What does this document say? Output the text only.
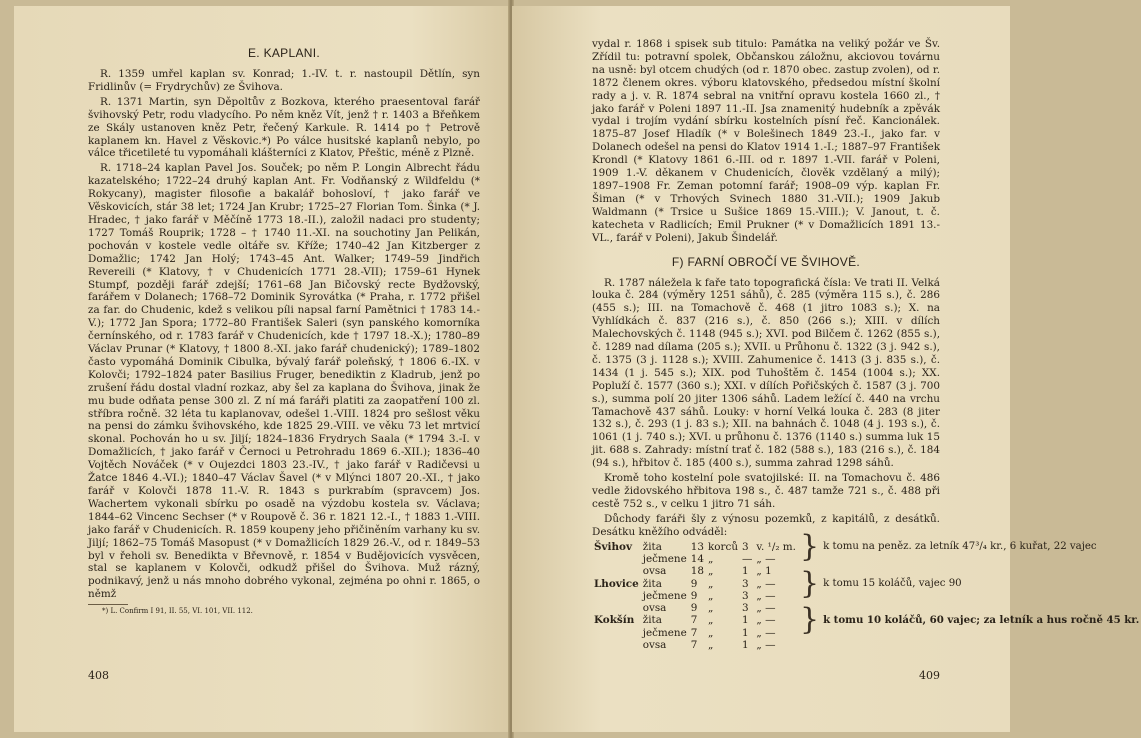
E. KAPLANI.

R. 1359 umřel kaplan sv. Konrad; 1.-IV. t. r. nastoupil Dětlín, syn Fridlinův (= Frydrychův) ze Švihova.

R. 1371 Martin, syn Děpoltův z Bozkova, kterého praesentoval farář švihovský Petr, rodu vladycího. Po něm kněz Vít, jenž † r. 1403 a Břeňkem ze Skály ustanoven kněz Petr, řečený Karkule. R. 1414 po † Petrově kaplanem kn. Havel z Věskovic.*) Po válce husitské kaplanů nebylo, po válce třicetileté tu vypomáhali klášterníci z Klatov, Přeštic, méně z Plzně.

R. 1718–24 kaplan Pavel Jos. Souček; po něm P. Longin Albrecht řádu kazatelského; 1722–24 druhý kaplan Ant. Fr. Vodňanský z Wildfeldu (* Rokycany), magister filosofie a bakalář bohosloví, † jako farář ve Věskovicích, stár 38 let; 1724 Jan Krubr; 1725–27 Florian Tom. Šinka (* J. Hradec, † jako farář v Měčíně 1773 18.-II.), založil nadaci pro studenty; 1727 Tomáš Rouprik; 1728 – † 1740 11.-XI. na souchotiny Jan Pelikán, pochován v kostele vedle oltáře sv. Kříže; 1740–42 Jan Kitzberger z Domažlic; 1742 Jan Holý; 1743–45 Ant. Walker; 1749–59 Jindřich Revereili (* Klatovy, † v Chudenicích 1771 28.-VII); 1759–61 Hynek Stumpf, později farář zdejší; 1761–68 Jan Bičovský recte Bydžovský, farářem v Dolanech; 1768–72 Dominik Syrovátka (* Praha, r. 1772 přišel za far. do Chudenic, kdež s velikou píli napsal farní Pamětnici † 1783 14.-V.); 1772 Jan Spora; 1772–80 František Saleri (syn panského komorníka černínského, od r. 1783 farář v Chudenicích, kde † 1797 18.-X.); 1780–89 Václav Prunar (* Klatovy, † 1800 8.-XI. jako farář chudenický); 1789–1802 často vypomáhá Dominik Cibulka, bývalý farář poleňský, † 1806 6.-IX. v Kolovči; 1792–1824 pater Basilius Fruger, benediktin z Kladrub, jenž po zrušení řádu dostal vladní rozkaz, aby šel za kaplana do Švihova, jinak že mu bude odňata pense 300 zl. Z ní má faráři platiti za zaopatření 100 zl. stříbra ročně. 32 léta tu kaplanovav, odešel 1.-VIII. 1824 pro sešlost věku na pensi do zámku švihovského, kde 1825 29.-VIII. ve věku 73 let mrtvicí skonal. Pochován ho u sv. Jiljí; 1824–1836 Frydrych Saala (* 1794 3.-I. v Domažlicích, † jako farář v Černoci u Petrohradu 1869 6.-XII.); 1836–40 Vojtěch Nováček (* v Oujezdci 1803 23.-IV., † jako farář v Radičevsi u Žatce 1846 4.-VI.); 1840–47 Václav Šavel (* v Mlýnci 1807 20.-XI., † jako farář v Kolovči 1878 11.-V. R. 1843 s purkrabím (spravcem) Jos. Wachertem vykonali sbírku po osadě na výzdobu kostela sv. Václava; 1844–62 Vincenc Sechser (* v Roupově č. 36 r. 1821 12.-I., † 1883 1.-VIII. jako farář v Chudenicích. R. 1859 koupeny jeho přičiněním varhany ku sv. Jiljí; 1862–75 Tomáš Masopust (* v Domažlicích 1829 26.-V., od r. 1849–53 byl v řeholi sv. Benedikta v Břevnově, r. 1854 v Budějovicích vysvěcen, stal se kaplanem v Kolovči, odkudž přišel do Švihova. Muž rázný, podnikavý, jenž u nás mnoho dobrého vykonal, zejména po ohni r. 1865, o němž

*) L. Confirm I 91, II. 55, VI. 101, VII. 112.
408

vydal r. 1868 i spisek sub titulo: Památka na veliký požár ve Šv. Zřídil tu: potravní spolek, Občanskou záložnu, akciovou továrnu na usně: byl otcem chudých (od r. 1870 obec. zastup zvolen), od r. 1872 členem okres. výboru klatovského, předsedou místní školní rady a j. v. R. 1874 sebral na vnitřní opravu kostela 1660 zl., † jako farář v Poleni 1897 11.-II. Jsa znamenitý hudebník a zpěvák vydal i trojím vydání sbírku kostelních písní řeč. Kancionálek. 1875–87 Josef Hladík (* v Bolešinech 1849 23.-I., jako far. v Dolanech odešel na pensi do Klatov 1914 1.-I.; 1887–97 František Krondl (* Klatovy 1861 6.-III. od r. 1897 1.-VII. farář v Poleni, 1909 1.-V. děkanem v Chudenicích, člověk vzdělaný a milý); 1897–1908 Fr. Zeman potomní farář; 1908–09 výp. kaplan Fr. Šiman (* v Trhových Svinech 1880 31.-VII.); 1909 Jakub Waldmann (* Trsice u Sušice 1869 15.-VIII.); V. Janout, t. č. katecheta v Radlicích; Emil Prukner (* v Domažlicích 1891 13.-VL., farář v Poleni), Jakub Šindelář.

F) FARNÍ OBROČÍ VE ŠVIHOVĚ.

R. 1787 náležela k faře tato topografická čísla: Ve trati II. Velká louka č. 284 (výměry 1251 sáhů), č. 285 (výměra 115 s.), č. 286 (455 s.); III. na Tomachově č. 468 (1 jitro 1083 s.); X. na Vyhlídkách č. 837 (216 s.), č. 850 (266 s.); XIII. v dílích Malechovských č. 1148 (945 s.); XVI. pod Bilčem č. 1262 (855 s.), č. 1289 nad dílama (205 s.); XVII. u Průhonu č. 1322 (3 j. 942 s.), č. 1375 (3 j. 1128 s.); XVIII. Zahumenice č. 1413 (3 j. 835 s.), č. 1434 (1 j. 545 s.); XIX. pod Tuhoštěm č. 1454 (1004 s.); XX. Popluží č. 1577 (360 s.); XXI. v dílích Pořičských č. 1587 (3 j. 700 s.), summa polí 20 jiter 1306 sáhů. Ladem ležící č. 440 na vrchu Tamachově 437 sáhů. Louky: v horní Velká louka č. 283 (8 jiter 132 s.), č. 293 (1 j. 83 s.); XII. na bahnách č. 1048 (4 j. 193 s.), č. 1061 (1 j. 740 s.); XVI. u průhonu č. 1376 (1140 s.) summa luk 15 jit. 688 s. Zahrady: místní trať č. 182 (588 s.), 183 (216 s.), č. 184 (94 s.), hřbitov č. 185 (400 s.), summa zahrad 1298 sáhů.

Kromě toho kostelní pole svatojilské: II. na Tomachovu č. 486 vedle židovského hřbitova 198 s., č. 487 tamže 721 s., č. 488 při cestě 752 s., v celku 1 jitro 71 sáh.

Důchody faráři šly z výnosu pozemků, z kapitálů, z desátků. Desátku kněžího odváděl:

Švihov	žita	13	korců	3	v. ¹/₂ m.	}	k tomu na peněz. za letník 47³/₄ kr., 6 kuřat, 22 vajec
	ječmene	14	„	—	„ —		
	ovsa	18	„	1	„ 1		
Lhovice	žita	9	„	3	„ —	}	k tomu 15 koláčů, vajec 90
	ječmene	9	„	3	„ —		
	ovsa	9	„	3	„ —		
Kokšín	žita	7	„	1	„ —	}	k tomu 10 koláčů, 60 vajec; za letník a hus ročně 45 kr.
	ječmene	7	„	1	„ —		
	ovsa	7	„	1	„ —		
409
